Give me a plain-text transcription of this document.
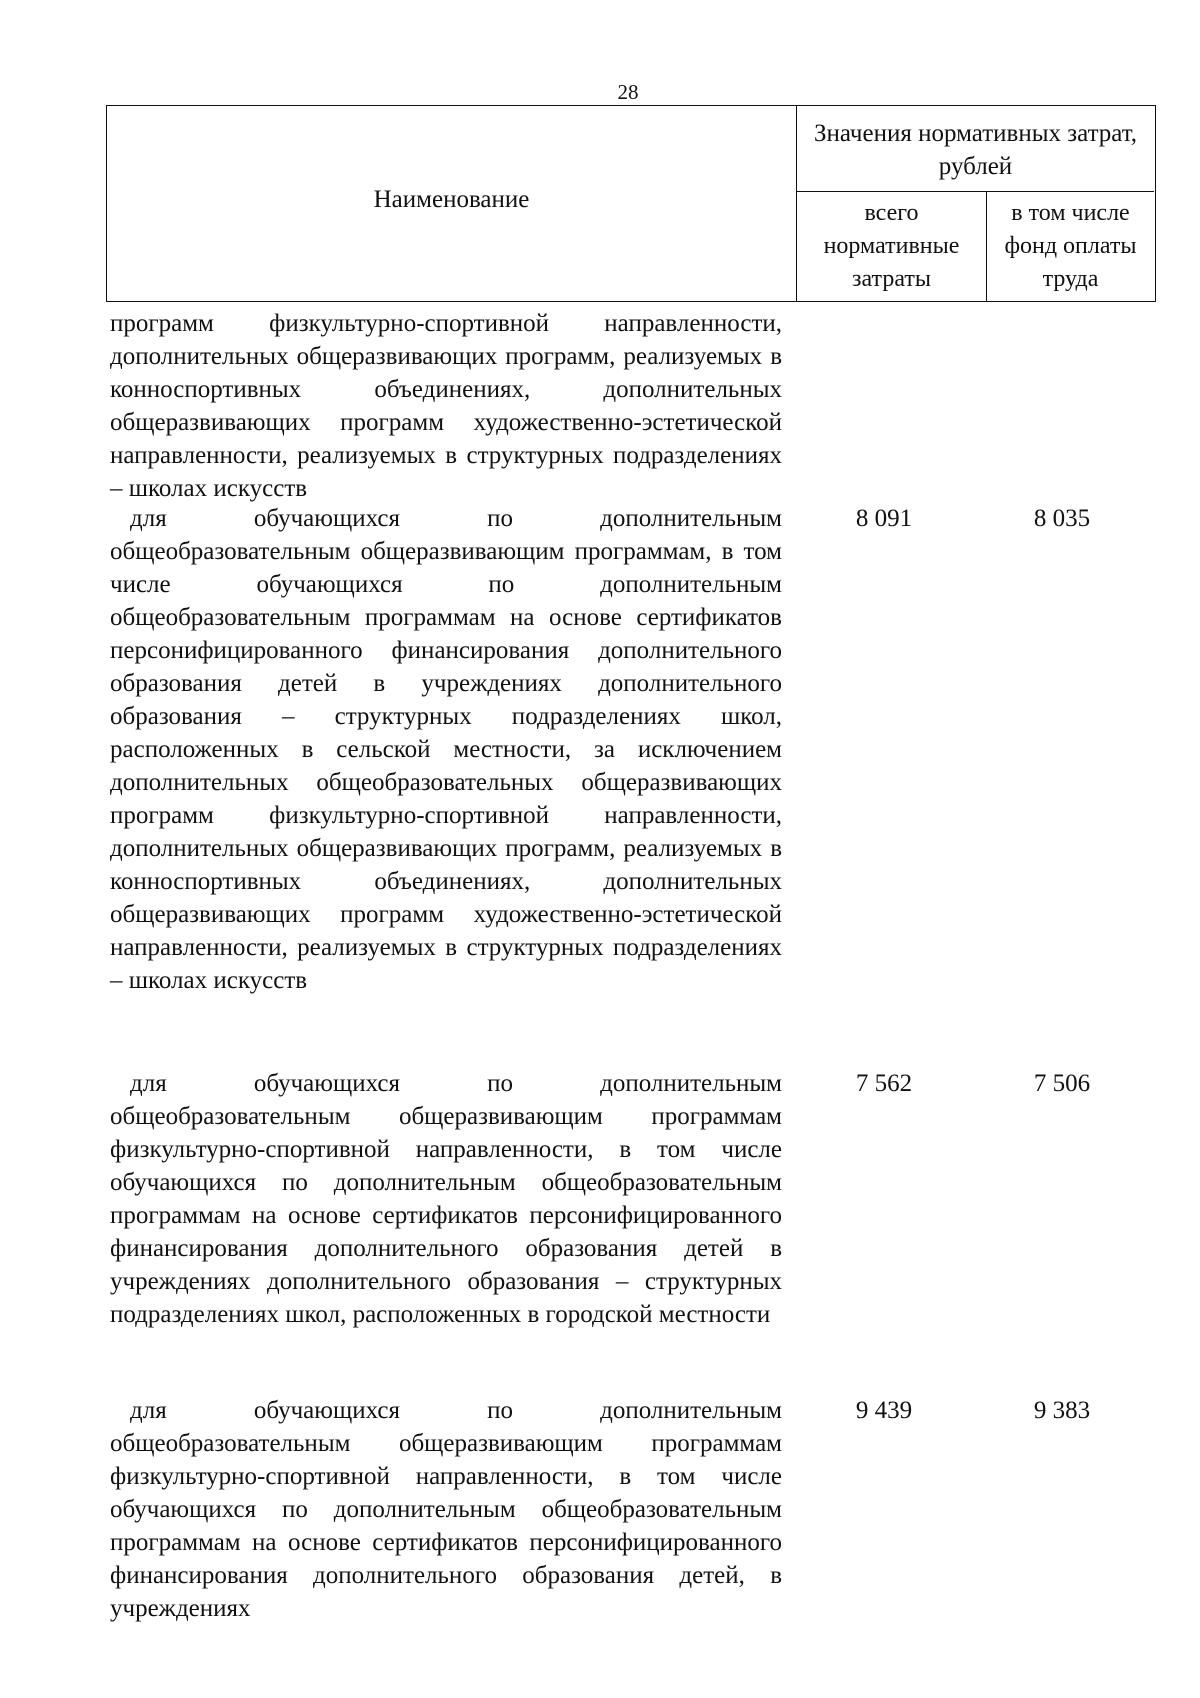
28
Наименование
Значения нормативных затрат, рублей
всего нормативные затраты
в том числе фонд оплаты труда
программ физкультурно-спортивной направленности, дополнительных общеразвивающих программ, реализуемых в конноспортивных объединениях, дополнительных общеразвивающих программ художественно-эстетической направленности, реализуемых в структурных подразделениях – школах искусств
для обучающихся по дополнительным общеобразовательным общеразвивающим программам, в том числе обучающихся по дополнительным общеобразовательным программам на основе сертификатов персонифицированного финансирования дополнительного образования детей в учреждениях дополнительного образования – структурных подразделениях школ, расположенных в сельской местности, за исключением дополнительных общеобразовательных общеразвивающих программ физкультурно-спортивной направленности, дополнительных общеразвивающих программ, реализуемых в конноспортивных объединениях, дополнительных общеразвивающих программ художественно-эстетической направленности, реализуемых в структурных подразделениях – школах искусств
8 091	8 035
для обучающихся по дополнительным общеобразовательным общеразвивающим программам физкультурно-спортивной направленности, в том числе обучающихся по дополнительным общеобразовательным программам на основе сертификатов персонифицированного финансирования дополнительного образования детей в учреждениях дополнительного образования – структурных подразделениях школ, расположенных в городской местности
7 562	7 506
для обучающихся по дополнительным общеобразовательным общеразвивающим программам физкультурно-спортивной направленности, в том числе обучающихся по дополнительным общеобразовательным программам на основе сертификатов персонифицированного финансирования дополнительного образования детей, в учреждениях
9 439	9 383
